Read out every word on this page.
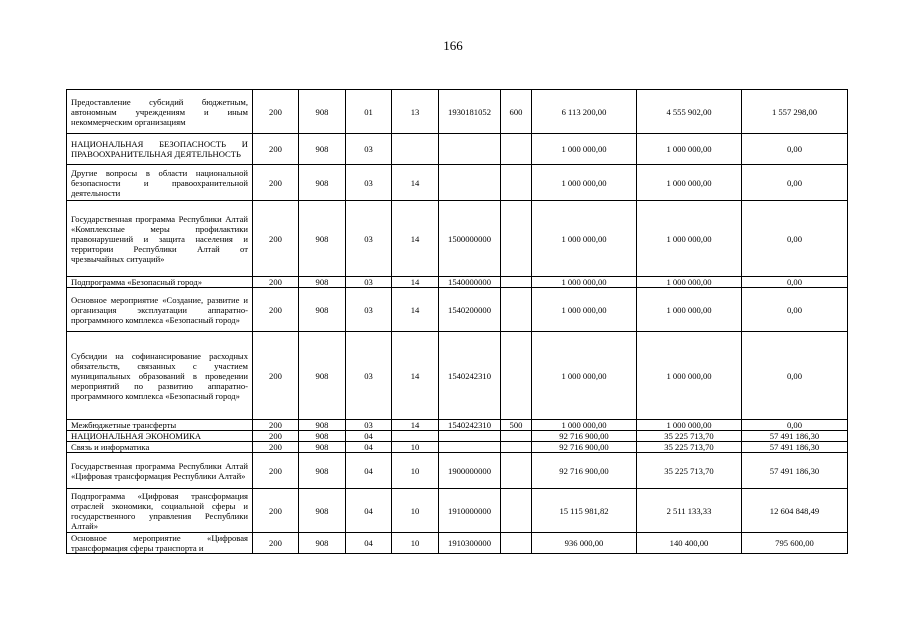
166
Предоставление субсидий бюджетным, автономным учреждениям и иным некоммерческим организациям	200	908	01	13	1930181052	600	6 113 200,00	4 555 902,00	1 557 298,00
НАЦИОНАЛЬНАЯ БЕЗОПАСНОСТЬ И ПРАВООХРАНИТЕЛЬНАЯ ДЕЯТЕЛЬНОСТЬ	200	908	03				1 000 000,00	1 000 000,00	0,00
Другие вопросы в области национальной безопасности и правоохранительной деятельности	200	908	03	14			1 000 000,00	1 000 000,00	0,00
Государственная программа Республики Алтай «Комплексные меры профилактики правонарушений и защита населения и территории Республики Алтай от чрезвычайных ситуаций»	200	908	03	14	1500000000		1 000 000,00	1 000 000,00	0,00
Подпрограмма «Безопасный город»	200	908	03	14	1540000000		1 000 000,00	1 000 000,00	0,00
Основное мероприятие «Создание, развитие и организация эксплуатации аппаратно-программного комплекса «Безопасный город»	200	908	03	14	1540200000		1 000 000,00	1 000 000,00	0,00
Субсидии на софинансирование расходных обязательств, связанных с участием муниципальных образований в проведении мероприятий по развитию аппаратно-программного комплекса «Безопасный город»	200	908	03	14	1540242310		1 000 000,00	1 000 000,00	0,00
Межбюджетные трансферты	200	908	03	14	1540242310	500	1 000 000,00	1 000 000,00	0,00
НАЦИОНАЛЬНАЯ ЭКОНОМИКА	200	908	04				92 716 900,00	35 225 713,70	57 491 186,30
Связь и информатика	200	908	04	10			92 716 900,00	35 225 713,70	57 491 186,30
Государственная программа Республики Алтай «Цифровая трансформация Республики Алтай»	200	908	04	10	1900000000		92 716 900,00	35 225 713,70	57 491 186,30
Подпрограмма «Цифровая трансформация отраслей экономики, социальной сферы и государственного управления Республики Алтай»	200	908	04	10	1910000000		15 115 981,82	2 511 133,33	12 604 848,49
Основное мероприятие «Цифровая трансформация сферы транспорта и	200	908	04	10	1910300000		936 000,00	140 400,00	795 600,00
